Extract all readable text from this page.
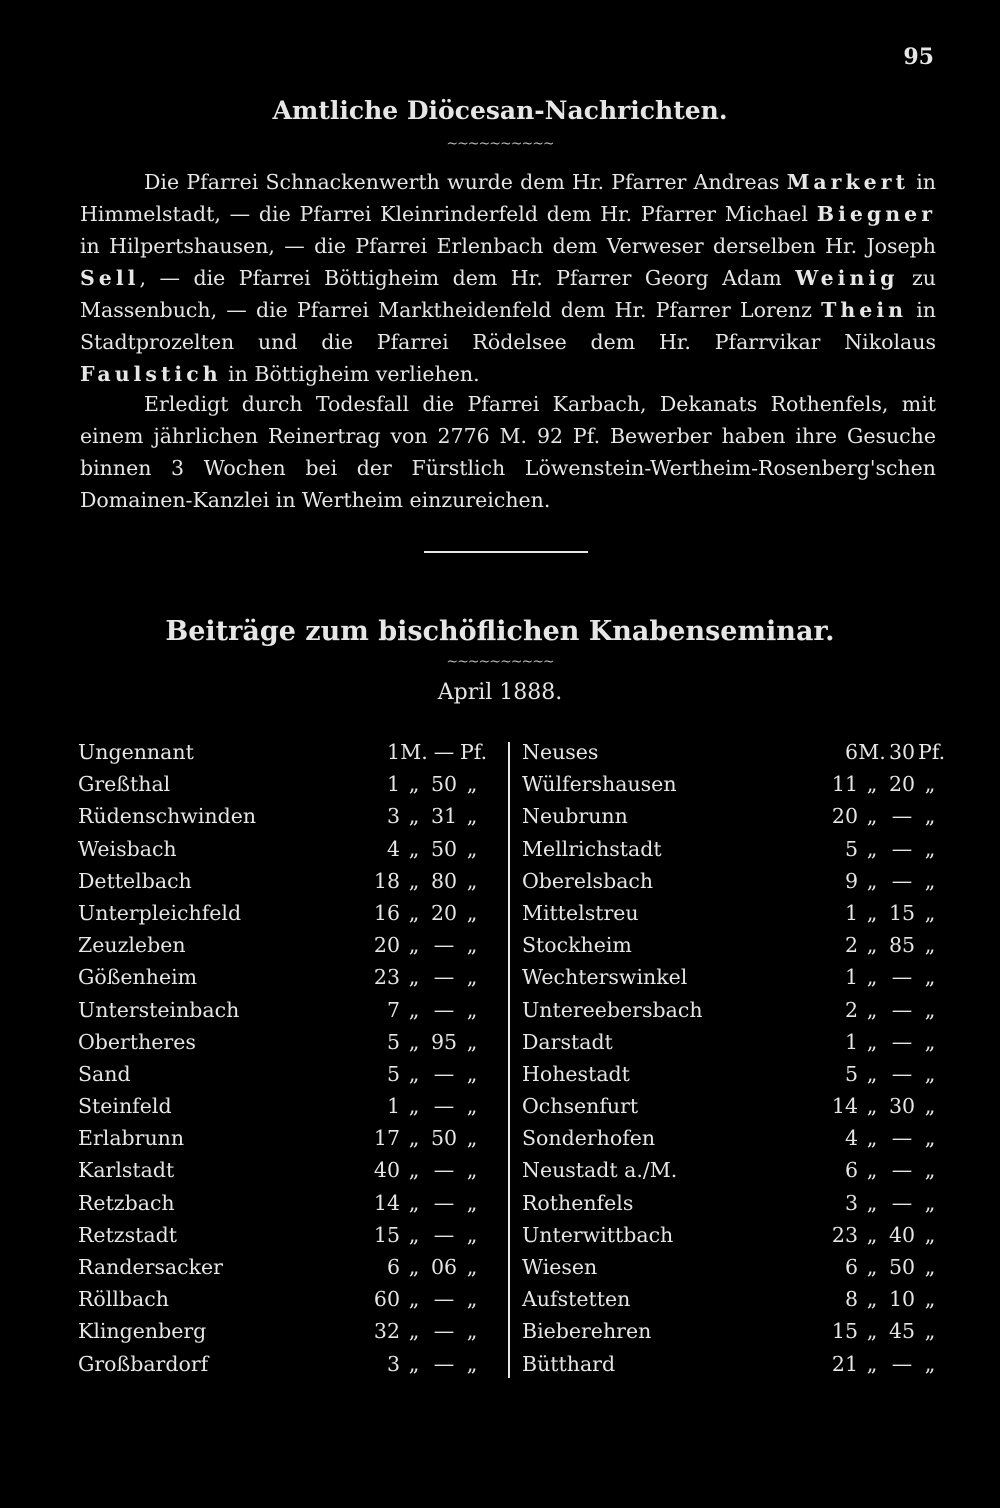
95
Amtliche Diöcesan-Nachrichten.
~~~~~~~~~~

Die Pfarrei Schnackenwerth wurde dem Hr. Pfarrer Andreas Markert in Himmelstadt, — die Pfarrei Kleinrinderfeld dem Hr. Pfarrer Michael Biegner in Hilpertshausen, — die Pfarrei Erlenbach dem Verweser derselben Hr. Joseph Sell, — die Pfarrei Böttigheim dem Hr. Pfarrer Georg Adam Weinig zu Massenbuch, — die Pfarrei Marktheidenfeld dem Hr. Pfarrer Lorenz Thein in Stadtprozelten und die Pfarrei Rödelsee dem Hr. Pfarrvikar Nikolaus Faulstich in Böttigheim verliehen.

Erledigt durch Todesfall die Pfarrei Karbach, Dekanats Rothenfels, mit einem jährlichen Reinertrag von 2776 M. 92 Pf. Bewerber haben ihre Gesuche binnen 3 Wochen bei der Fürstlich Löwenstein-Wertheim-Rosenberg'schen Domainen-Kanzlei in Wertheim einzureichen.

Beiträge zum bischöflichen Knabenseminar.
~~~~~~~~~~
April 1888.
Ungennant	1 M. — Pf.
Greßthal	1 „ 50 „
Rüdenschwinden	3 „ 31 „
Weisbach	4 „ 50 „
Dettelbach	18 „ 80 „
Unterpleichfeld	16 „ 20 „
Zeuzleben	20 „ — „
Gößenheim	23 „ — „
Untersteinbach	7 „ — „
Obertheres	5 „ 95 „
Sand	5 „ — „
Steinfeld	1 „ — „
Erlabrunn	17 „ 50 „
Karlstadt	40 „ — „
Retzbach	14 „ — „
Retzstadt	15 „ — „
Randersacker	6 „ 06 „
Röllbach	60 „ — „
Klingenberg	32 „ — „
Großbardorf	3 „ — „
Neuses	6 M. 30 Pf.
Wülfershausen	11 „ 20 „
Neubrunn	20 „ — „
Mellrichstadt	5 „ — „
Oberelsbach	9 „ — „
Mittelstreu	1 „ 15 „
Stockheim	2 „ 85 „
Wechterswinkel	1 „ — „
Untereebersbach	2 „ — „
Darstadt	1 „ — „
Hohestadt	5 „ — „
Ochsenfurt	14 „ 30 „
Sonderhofen	4 „ — „
Neustadt a./M.	6 „ — „
Rothenfels	3 „ — „
Unterwittbach	23 „ 40 „
Wiesen	6 „ 50 „
Aufstetten	8 „ 10 „
Bieberehren	15 „ 45 „
Bütthard	21 „ — „
